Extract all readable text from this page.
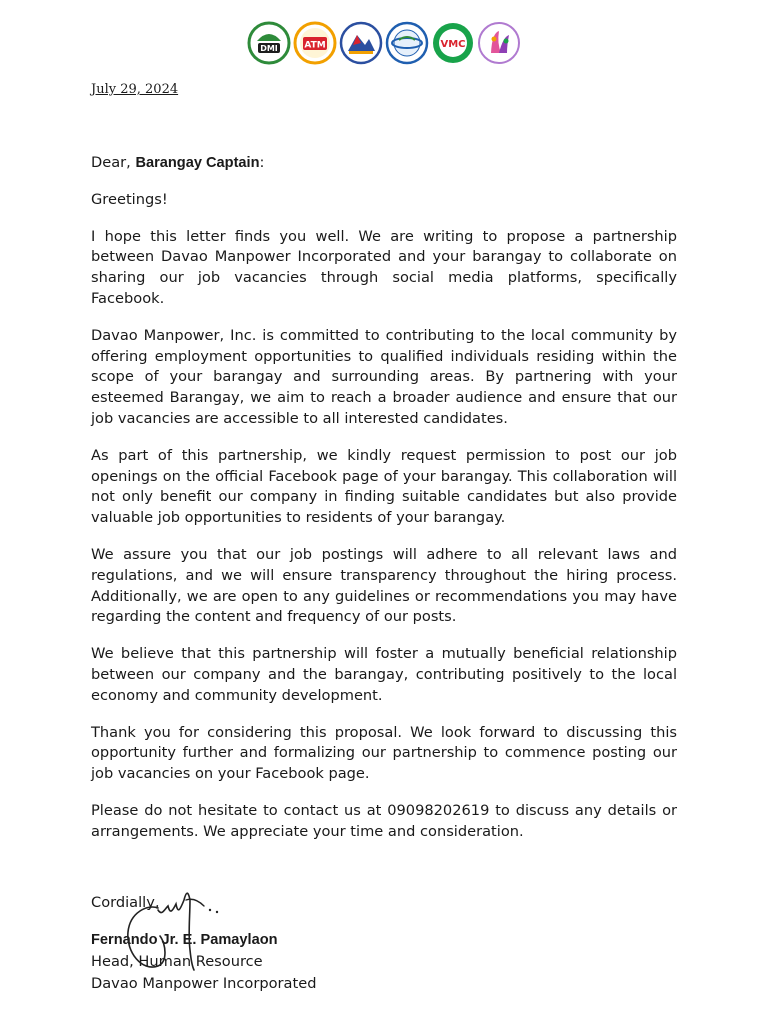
DMI	ATM	VMC
July 29, 2024

Dear, Barangay Captain:

Greetings!

I hope this letter finds you well. We are writing to propose a partnership between Davao Manpower Incorporated and your barangay to collaborate on sharing our job vacancies through social media platforms, specifically Facebook.

Davao Manpower, Inc. is committed to contributing to the local community by offering employment opportunities to qualified individuals residing within the scope of your barangay and surrounding areas. By partnering with your esteemed Barangay, we aim to reach a broader audience and ensure that our job vacancies are accessible to all interested candidates.

As part of this partnership, we kindly request permission to post our job openings on the official Facebook page of your barangay. This collaboration will not only benefit our company in finding suitable candidates but also provide valuable job opportunities to residents of your barangay.

We assure you that our job postings will adhere to all relevant laws and regulations, and we will ensure transparency throughout the hiring process. Additionally, we are open to any guidelines or recommendations you may have regarding the content and frequency of our posts.

We believe that this partnership will foster a mutually beneficial relationship between our company and the barangay, contributing positively to the local economy and community development.

Thank you for considering this proposal. We look forward to discussing this opportunity further and formalizing our partnership to commence posting our job vacancies on your Facebook page.

Please do not hesitate to contact us at 09098202619 to discuss any details or arrangements. We appreciate your time and consideration.

Cordially,
Fernando Jr. E. Pamaylaon
Head, Human Resource
Davao Manpower Incorporated
